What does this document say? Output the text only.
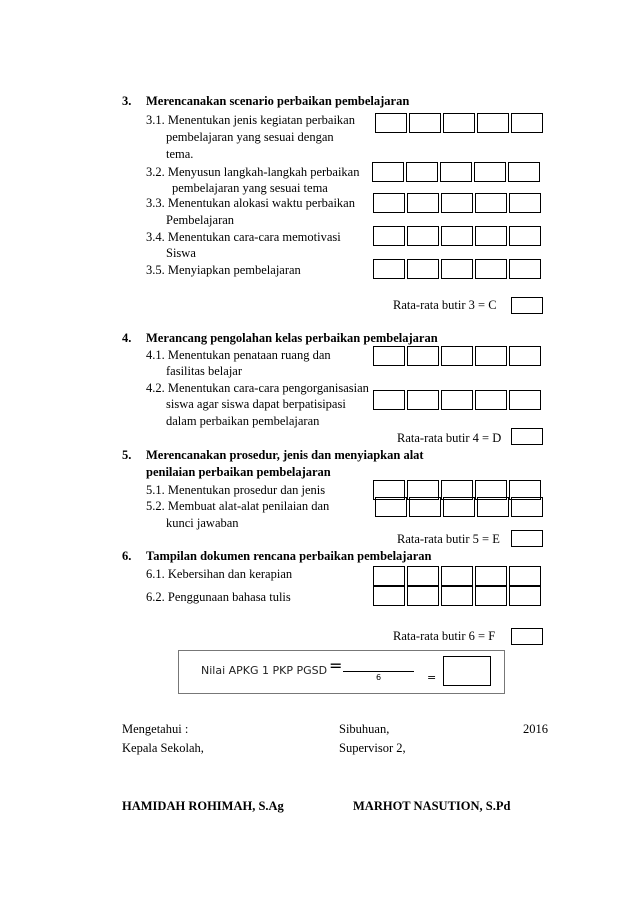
3. Merencanakan scenario perbaikan pembelajaran
3.1. Menentukan jenis kegiatan perbaikan
pembelajaran yang sesuai dengan
tema.
3.2. Menyusun langkah-langkah perbaikan
pembelajaran yang sesuai tema
3.3. Menentukan alokasi waktu perbaikan
Pembelajaran
3.4. Menentukan cara-cara memotivasi
Siswa
3.5. Menyiapkan pembelajaran
Rata-rata butir 3 = C
4. Merancang pengolahan kelas perbaikan pembelajaran
4.1. Menentukan penataan ruang dan
fasilitas belajar
4.2. Menentukan cara-cara pengorganisasian
siswa agar siswa dapat berpatisipasi
dalam perbaikan pembelajaran
Rata-rata butir 4 = D
5. Merencanakan prosedur, jenis dan menyiapkan alat
penilaian perbaikan pembelajaran
5.1. Menentukan prosedur dan jenis
5.2. Membuat alat-alat penilaian dan
kunci jawaban
Rata-rata butir 5 = E
6. Tampilan dokumen rencana perbaikan pembelajaran
6.1. Kebersihan dan kerapian
6.2. Penggunaan bahasa tulis
Rata-rata butir 6 = F
Nilai APKG 1 PKP PGSD =
6	=
Mengetahui :	Sibuhuan,	2016
Kepala Sekolah,	Supervisor 2,
HAMIDAH ROHIMAH, S.Ag	MARHOT NASUTION, S.Pd
